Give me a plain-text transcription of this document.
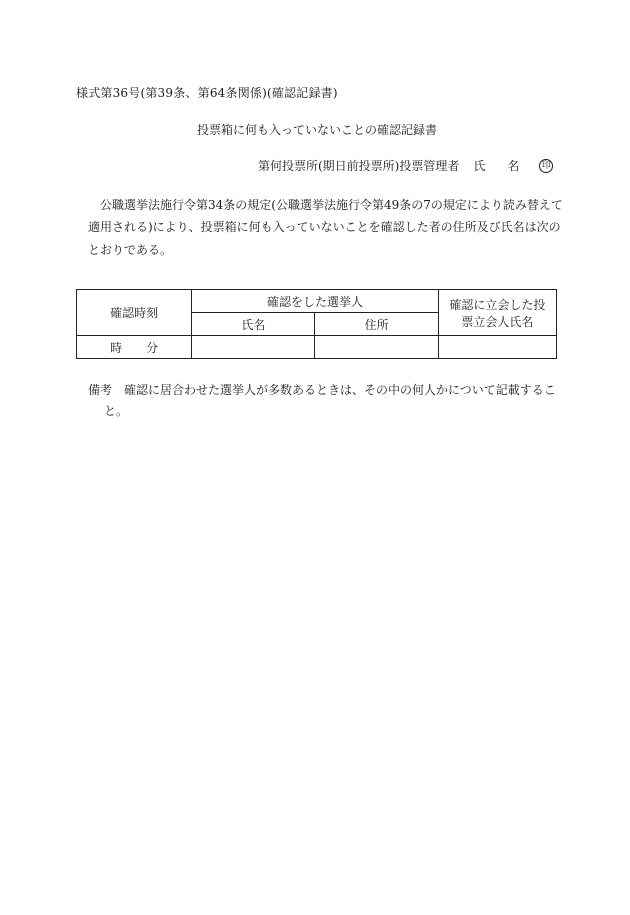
様式第36号(第39条、第64条関係)(確認記録書)
投票箱に何も入っていないことの確認記録書
第何投票所(期日前投票所)投票管理者 氏 名 印
公職選挙法施行令第34条の規定(公職選挙法施行令第49条の7の規定により読み替えて
適用される)により、投票箱に何も入っていないことを確認した者の住所及び氏名は次の
とおりである。
確認時刻	確認をした選挙人		確認に立会した投
票立会人氏名

	氏名	住所	
時 分			
備考 確認に居合わせた選挙人が多数あるときは、その中の何人かについて記載するこ
と。
